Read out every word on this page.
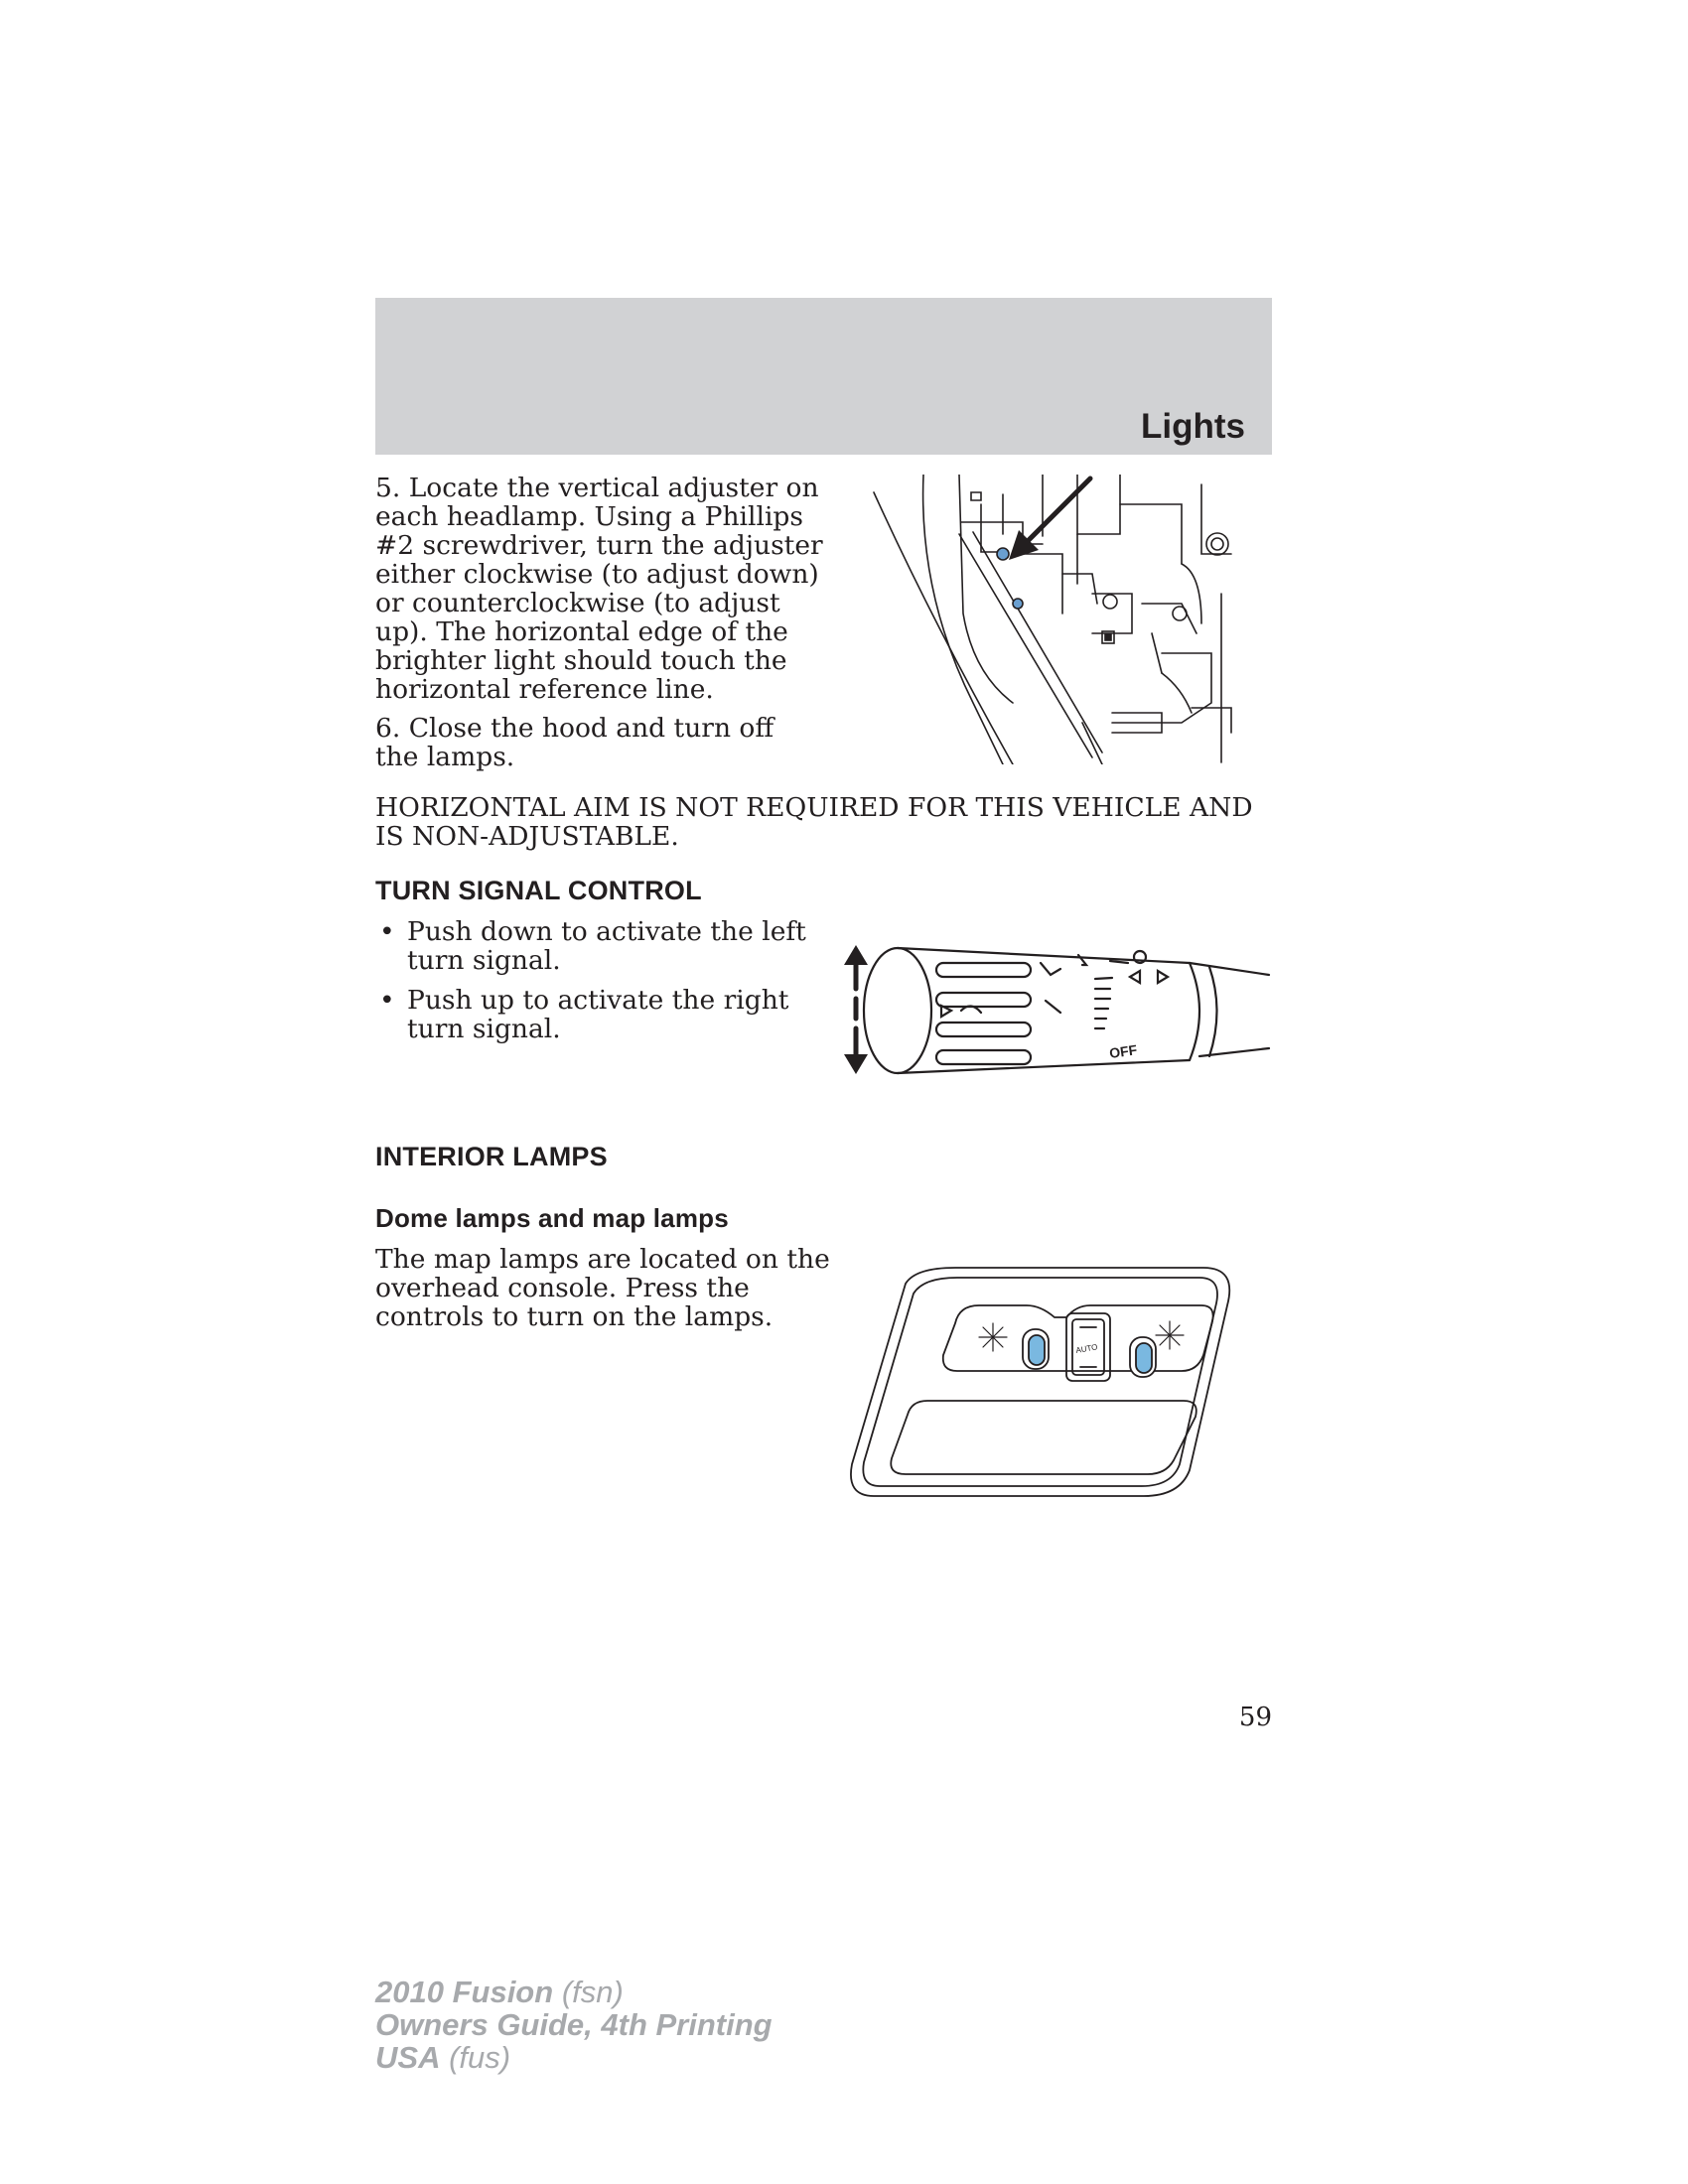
Lights

5. Locate the vertical adjuster on each headlamp. Using a Phillips #2 screwdriver, turn the adjuster either clockwise (to adjust down) or counterclockwise (to adjust up). The horizontal edge of the brighter light should touch the horizontal reference line.

6. Close the hood and turn off the lamps.

HORIZONTAL AIM IS NOT REQUIRED FOR THIS VEHICLE AND IS NON-ADJUSTABLE.

TURN SIGNAL CONTROL
• Push down to activate the left turn signal.
• Push up to activate the right turn signal.
OFF
INTERIOR LAMPS
Dome lamps and map lamps

The map lamps are located on the overhead console. Press the controls to turn on the lamps.

AUTO
59
2010 Fusion (fsn)
Owners Guide, 4th Printing
USA (fus)
